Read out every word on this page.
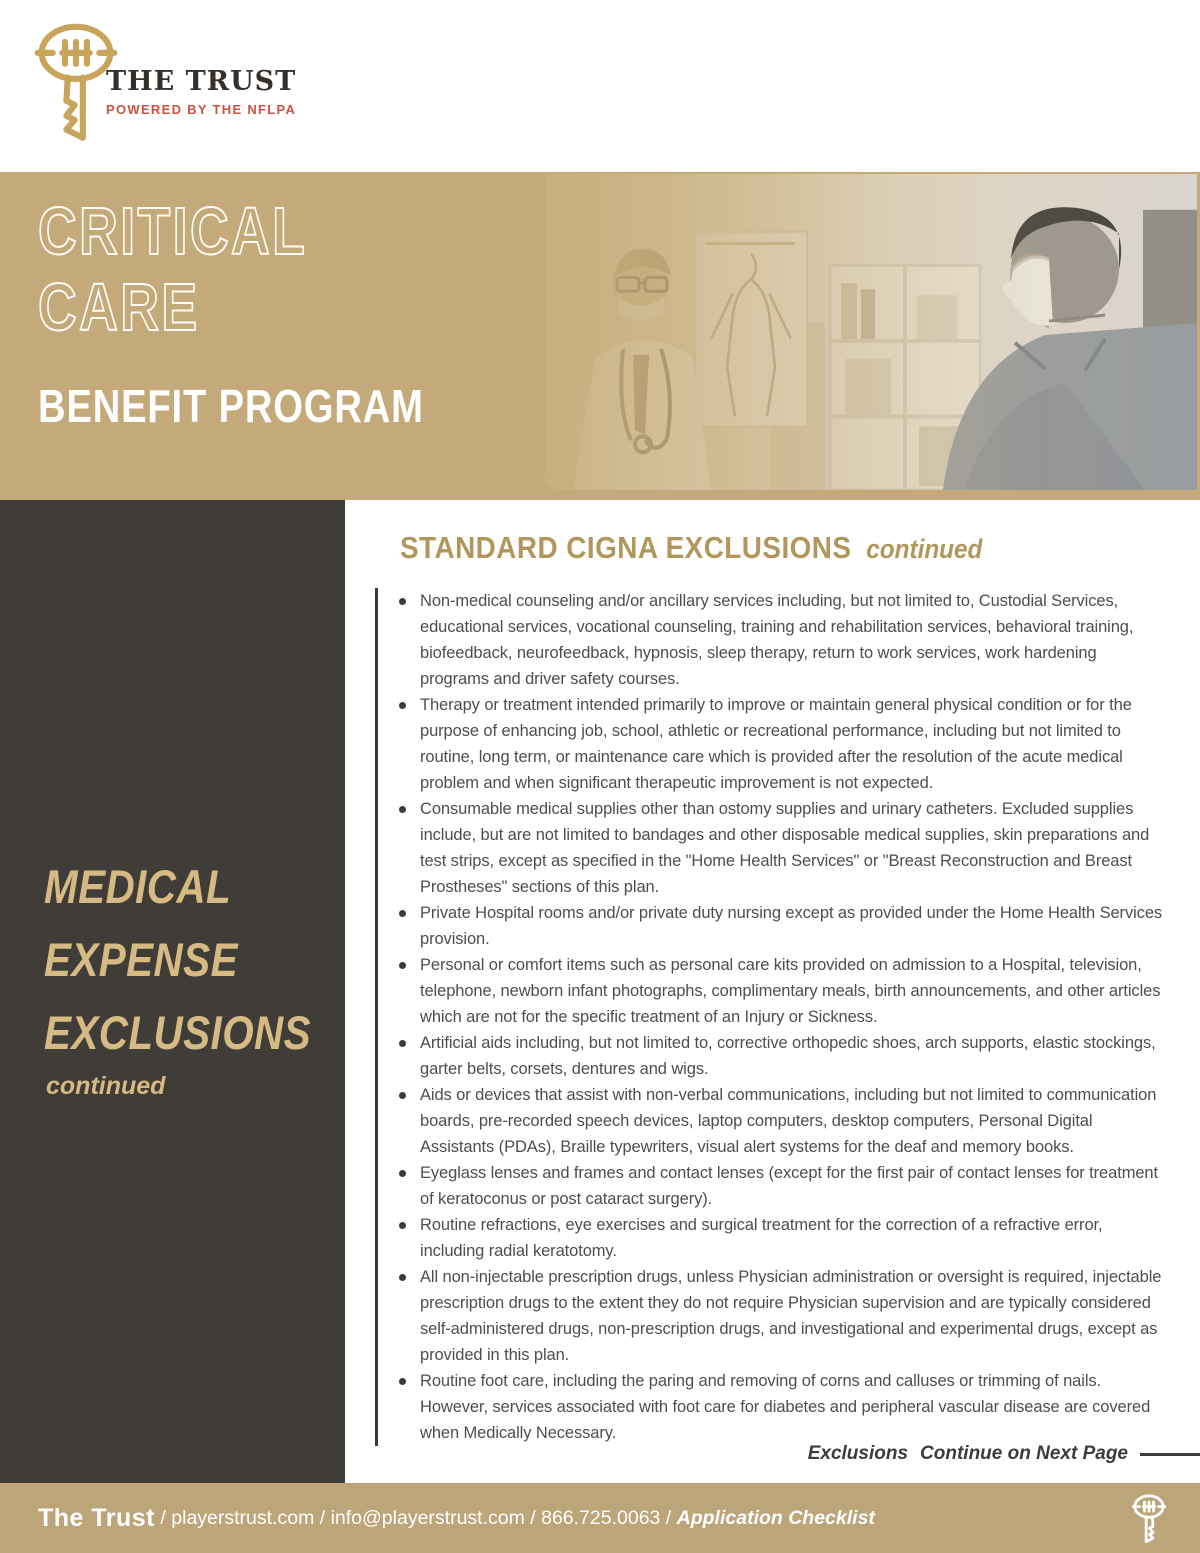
THE TRUST
POWERED BY THE NFLPA
CRITICAL
CARE
BENEFIT PROGRAM
MEDICAL
EXPENSE
EXCLUSIONS
continued
STANDARD CIGNA EXCLUSIONS continued
Non-medical counseling and/or ancillary services including, but not limited to, Custodial Services, educational services, vocational counseling, training and rehabilitation services, behavioral training, biofeedback, neurofeedback, hypnosis, sleep therapy, return to work services, work hardening programs and driver safety courses.
Therapy or treatment intended primarily to improve or maintain general physical condition or for the purpose of enhancing job, school, athletic or recreational performance, including but not limited to routine, long term, or maintenance care which is provided after the resolution of the acute medical problem and when significant therapeutic improvement is not expected.
Consumable medical supplies other than ostomy supplies and urinary catheters. Excluded supplies include, but are not limited to bandages and other disposable medical supplies, skin preparations and test strips, except as specified in the "Home Health Services" or "Breast Reconstruction and Breast Prostheses" sections of this plan.
Private Hospital rooms and/or private duty nursing except as provided under the Home Health Services provision.
Personal or comfort items such as personal care kits provided on admission to a Hospital, television, telephone, newborn infant photographs, complimentary meals, birth announcements, and other articles which are not for the specific treatment of an Injury or Sickness.
Artificial aids including, but not limited to, corrective orthopedic shoes, arch supports, elastic stockings, garter belts, corsets, dentures and wigs.
Aids or devices that assist with non-verbal communications, including but not limited to communication boards, pre-recorded speech devices, laptop computers, desktop computers, Personal Digital Assistants (PDAs), Braille typewriters, visual alert systems for the deaf and memory books.
Eyeglass lenses and frames and contact lenses (except for the first pair of contact lenses for treatment of keratoconus or post cataract surgery).
Routine refractions, eye exercises and surgical treatment for the correction of a refractive error, including radial keratotomy.
All non-injectable prescription drugs, unless Physician administration or oversight is required, injectable prescription drugs to the extent they do not require Physician supervision and are typically considered self-administered drugs, non-prescription drugs, and investigational and experimental drugs, except as provided in this plan.
Routine foot care, including the paring and removing of corns and calluses or trimming of nails. However, services associated with foot care for diabetes and peripheral vascular disease are covered when Medically Necessary.
Exclusions Continue on Next Page
The Trust / playerstrust.com / info@playerstrust.com / 866.725.0063 / Application Checklist
